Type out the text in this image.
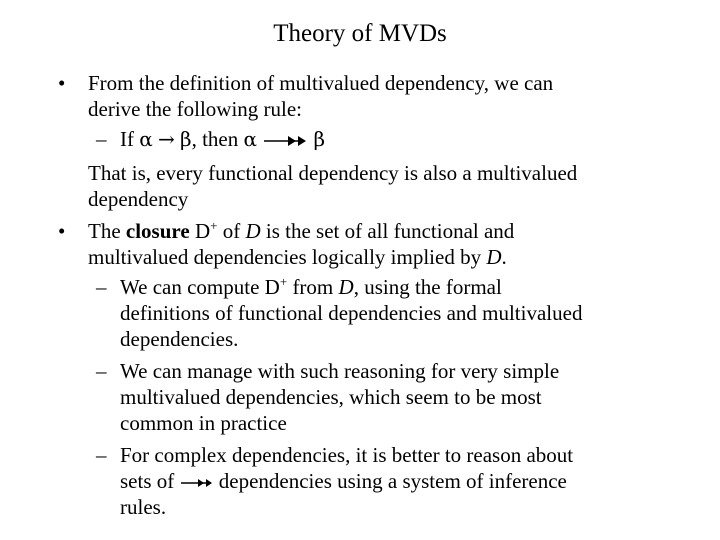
Theory of MVDs
• From the definition of multivalued dependency, we can
derive the following rule:
– If α → β, then α	β
That is, every functional dependency is also a multivalued
dependency
• The closure D+ of D is the set of all functional and
multivalued dependencies logically implied by D.
– We can compute D+ from D, using the formal
definitions of functional dependencies and multivalued
dependencies.
– We can manage with such reasoning for very simple
multivalued dependencies, which seem to be most
common in practice
– For complex dependencies, it is better to reason about
sets of dependencies using a system of inference
rules.
